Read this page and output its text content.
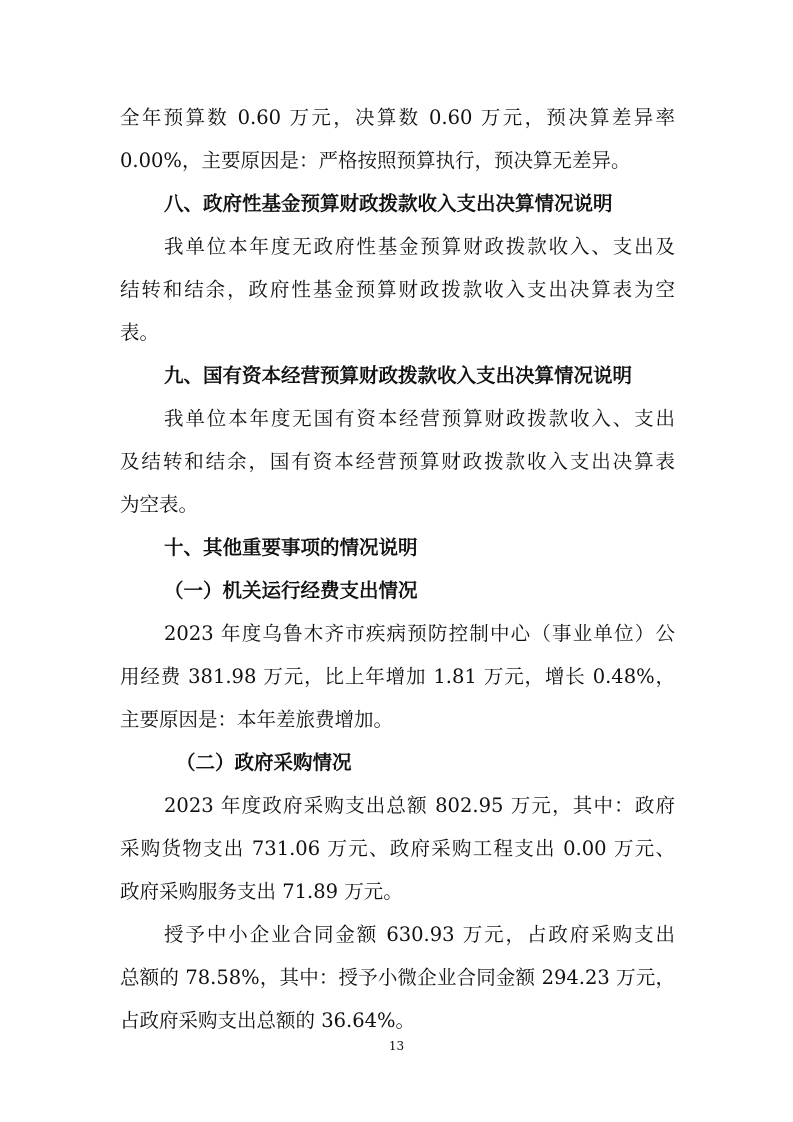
全年预算数 0.60 万元，决算数 0.60 万元，预决算差异率
0.00%，主要原因是：严格按照预算执行，预决算无差异。
八、政府性基金预算财政拨款收入支出决算情况说明
我单位本年度无政府性基金预算财政拨款收入、支出及
结转和结余，政府性基金预算财政拨款收入支出决算表为空
表。
九、国有资本经营预算财政拨款收入支出决算情况说明
我单位本年度无国有资本经营预算财政拨款收入、支出
及结转和结余，国有资本经营预算财政拨款收入支出决算表
为空表。
十、其他重要事项的情况说明
（一）机关运行经费支出情况
2023 年度乌鲁木齐市疾病预防控制中心（事业单位）公
用经费 381.98 万元，比上年增加 1.81 万元，增长 0.48%，
主要原因是：本年差旅费增加。
（二）政府采购情况
2023 年度政府采购支出总额 802.95 万元，其中：政府
采购货物支出 731.06 万元、政府采购工程支出 0.00 万元、
政府采购服务支出 71.89 万元。
授予中小企业合同金额 630.93 万元，占政府采购支出
总额的 78.58%，其中：授予小微企业合同金额 294.23 万元，
占政府采购支出总额的 36.64%。
13
